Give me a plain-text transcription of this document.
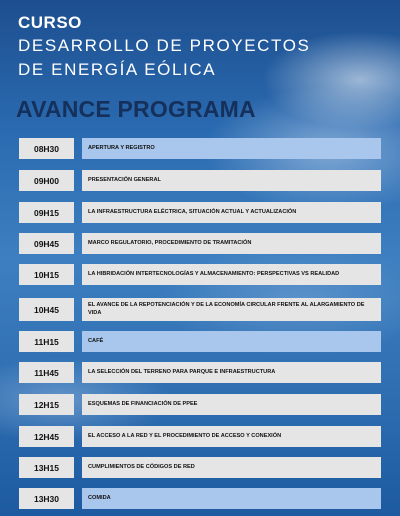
CURSO

DESARROLLO DE PROYECTOS

DE ENERGÍA EÓLICA

AVANCE PROGRAMA
08H30	APERTURA Y REGISTRO
09H00	PRESENTACIÓN GENERAL
09H15	LA INFRAESTRUCTURA ELÉCTRICA, SITUACIÓN ACTUAL Y ACTUALIZACIÓN
09H45	MARCO REGULATORIO, PROCEDIMIENTO DE TRAMITACIÓN
10H15	LA HIBRIDACIÓN INTERTECNOLOGÍAS Y ALMACENAMIENTO: PERSPECTIVAS VS REALIDAD
10H45	EL AVANCE DE LA REPOTENCIACIÓN Y DE LA ECONOMÍA CIRCULAR FRENTE AL ALARGAMIENTO DE VIDA
11H15	CAFÉ
11H45	LA SELECCIÓN DEL TERRENO PARA PARQUE E INFRAESTRUCTURA
12H15	ESQUEMAS DE FINANCIACIÓN DE PPEE
12H45	EL ACCESO A LA RED Y EL PROCEDIMIENTO DE ACCESO Y CONEXIÓN
13H15	CUMPLIMIENTOS DE CÓDIGOS DE RED
13H30	COMIDA
